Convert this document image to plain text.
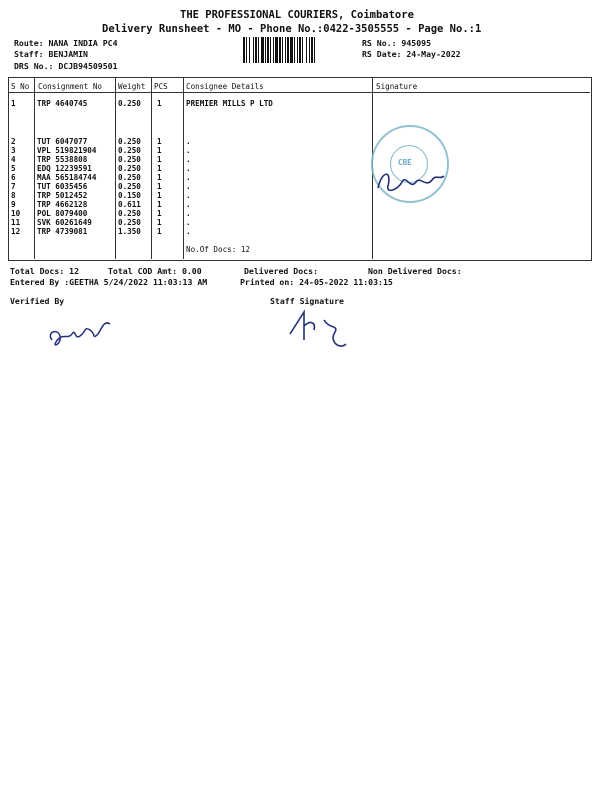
THE PROFESSIONAL COURIERS, Coimbatore
Delivery Runsheet - MO - Phone No.:0422-3505555 - Page No.:1
Route: NANA INDIA PC4
Staff: BENJAMIN
DRS No.: DCJB94509501
RS No.: 945095
RS Date: 24-May-2022
S No Consignment No Weight PCS Consignee Details	Signature
1	TRP 4640745	0.250 1	PREMIER MILLS P LTD
2	TUT 6047077	0.250 1	.
3	VPL 519821904	0.250 1	.
4	TRP 5538808	0.250 1	.
5	EDQ 12239591	0.250 1	.
6	MAA 565184744	0.250 1	.
7	TUT 6035456	0.250 1	.
8	TRP 5012452	0.150 1	.
9	TRP 4662128	0.611 1	.
10 POL 8079400	0.250 1	.
11 SVK 60261649	0.250 1	.
12 TRP 4739081	1.350 1	.
No.Of Docs: 12
CBE
Total Docs: 12	Total COD Amt: 0.00	Delivered Docs:	Non Delivered Docs:
Entered By :GEETHA 5/24/2022 11:03:13 AM	Printed on: 24-05-2022 11:03:15
Verified By	Staff Signature
